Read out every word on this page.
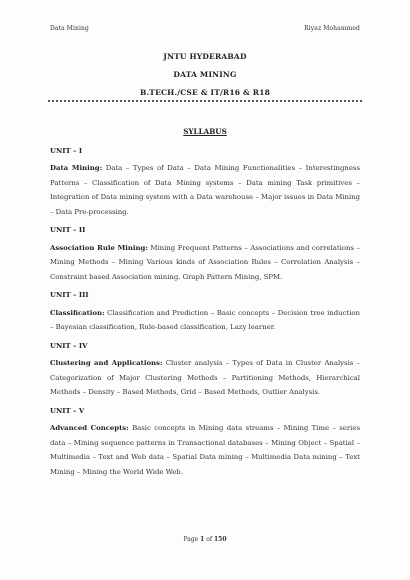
Data Mining	Riyaz Mohammed
JNTU HYDERABAD
DATA MINING
B.TECH./CSE & IT/R16 & R18
SYLLABUS
UNIT – I
Data Mining: Data – Types of Data – Data Mining Functionalities – Interestingness Patterns – Classification of Data Mining systems – Data mining Task primitives – Integration of Data mining system with a Data warehouse – Major issues in Data Mining – Data Pre-processing.
UNIT – II
Association Rule Mining: Mining Frequent Patterns – Associations and correlations – Mining Methods – Mining Various kinds of Association Rules – Correlation Analysis – Constraint based Association mining. Graph Pattern Mining, SPM.
UNIT – III
Classification: Classification and Prediction – Basic concepts – Decision tree induction – Bayesian classification, Rule-based classification, Lazy learner.
UNIT – IV
Clustering and Applications: Cluster analysis – Types of Data in Cluster Analysis – Categorization of Major Clustering Methods – Partitioning Methods, Hierarchical Methods – Density – Based Methods, Grid – Based Methods, Outlier Analysis.
UNIT – V
Advanced Concepts: Basic concepts in Mining data streams – Mining Time – series data – Mining sequence patterns in Transactional databases – Mining Object – Spatial – Multimedia – Text and Web data – Spatial Data mining – Multimedia Data mining – Text Mining – Mining the World Wide Web.
Page 1 of 150
